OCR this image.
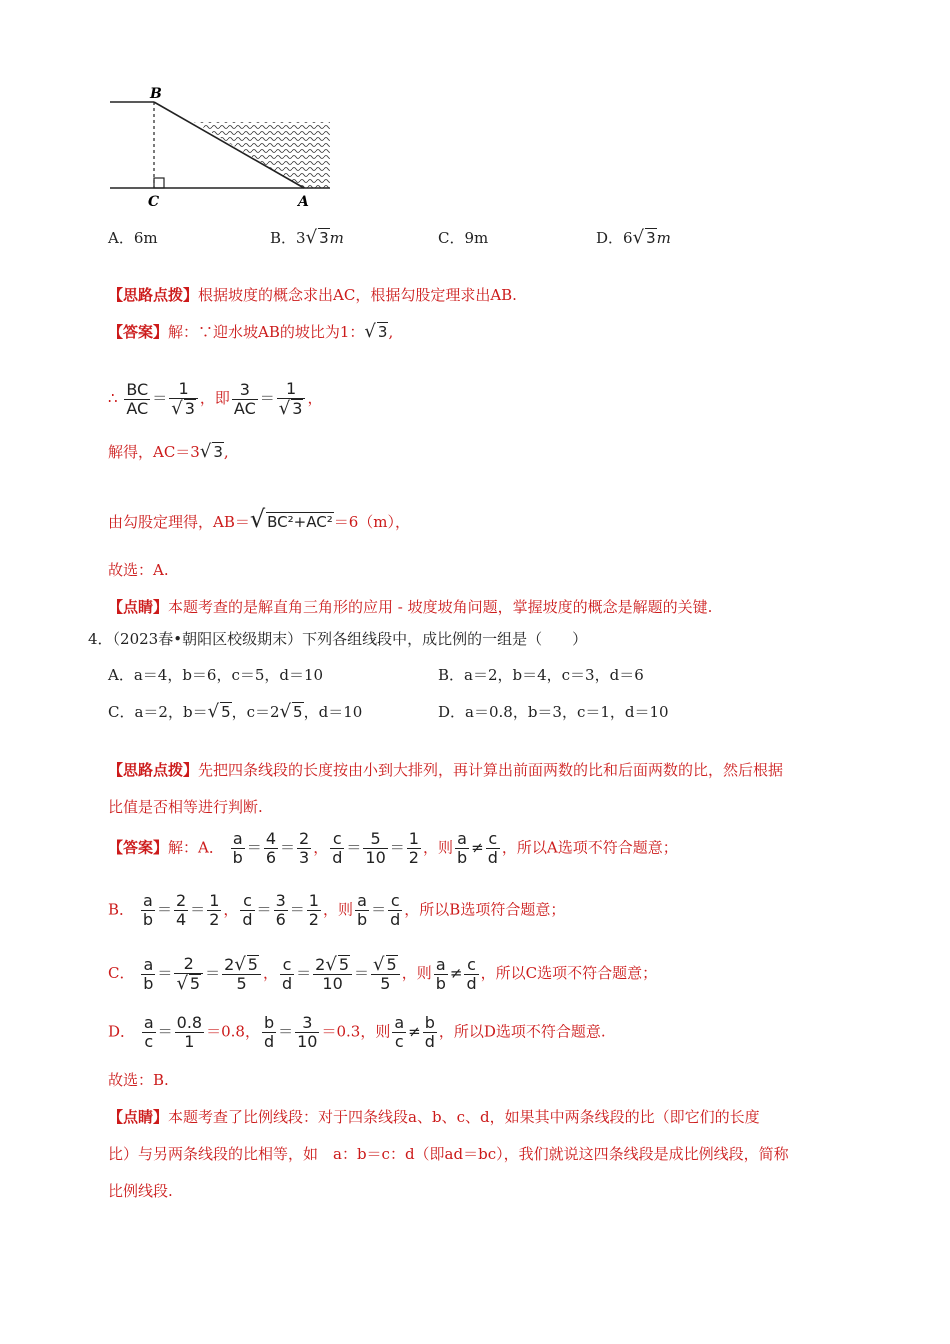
B
C	A
A．6m	B．3√ 3m	C．9m	D．6√ 3m
【思路点拨】根据坡度的概念求出AC，根据勾股定理求出AB.
【答案】解：∵迎水坡AB的坡比为1：√ 3,
∴ $\frac{BC}{AC} = \frac{1}{√ 3}$ ，即 $\frac{3}{AC} = \frac{1}{√ 3}$ ，
解得，AC＝3√ 3,
由勾股定理得，AB＝√ BC²+AC²＝6（m），
故选：A.
【点睛】本题考查的是解直角三角形的应用 - 坡度坡角问题，掌握坡度的概念是解题的关键.
4．（2023春•朝阳区校级期末）下列各组线段中，成比例的一组是（　　）
A．a＝4，b＝6，c＝5，d＝10	B．a＝2，b＝4，c＝3，d＝6
C．a＝2，b＝√ 5，c＝2√ 5，d＝10	D．a＝0.8，b＝3，c＝1，d＝10
【思路点拨】先把四条线段的长度按由小到大排列，再计算出前面两数的比和后面两数的比，然后根据
比值是否相等进行判断.
【答案】解：A． $\frac{a}{b} = \frac{4}{6} = \frac{2}{3}$ ， $\frac{c}{d} = \frac{5}{10} = \frac{1}{2}$ ，则 $\frac{a}{b} \ne \frac{c}{d}$ ，所以A选项不符合题意；
B． $\frac{a}{b} = \frac{2}{4} = \frac{1}{2}$ ， $\frac{c}{d} = \frac{3}{6} = \frac{1}{2}$ ，则 $\frac{a}{b} = \frac{c}{d}$ ，所以B选项符合题意；
C． $\frac{a}{b} = \frac{2}{√ 5} = \frac{2√ 5}{5}$ ， $\frac{c}{d} = \frac{2√ 5}{10} = \frac{√ 5}{5}$ ，则 $\frac{a}{b} \ne \frac{c}{d}$ ，所以C选项不符合题意；
D． $\frac{a}{c} = \frac{0.8}{1} =0.8$， $\frac{b}{d} = \frac{3}{10} =0.3$，则 $\frac{a}{c} \ne \frac{b}{d}$ ，所以D选项不符合题意.
故选：B.
【点睛】本题考查了比例线段：对于四条线段a、b、c、d，如果其中两条线段的比（即它们的长度
比）与另两条线段的比相等，如　a：b＝c：d（即ad＝bc），我们就说这四条线段是成比例线段，简称
比例线段.
